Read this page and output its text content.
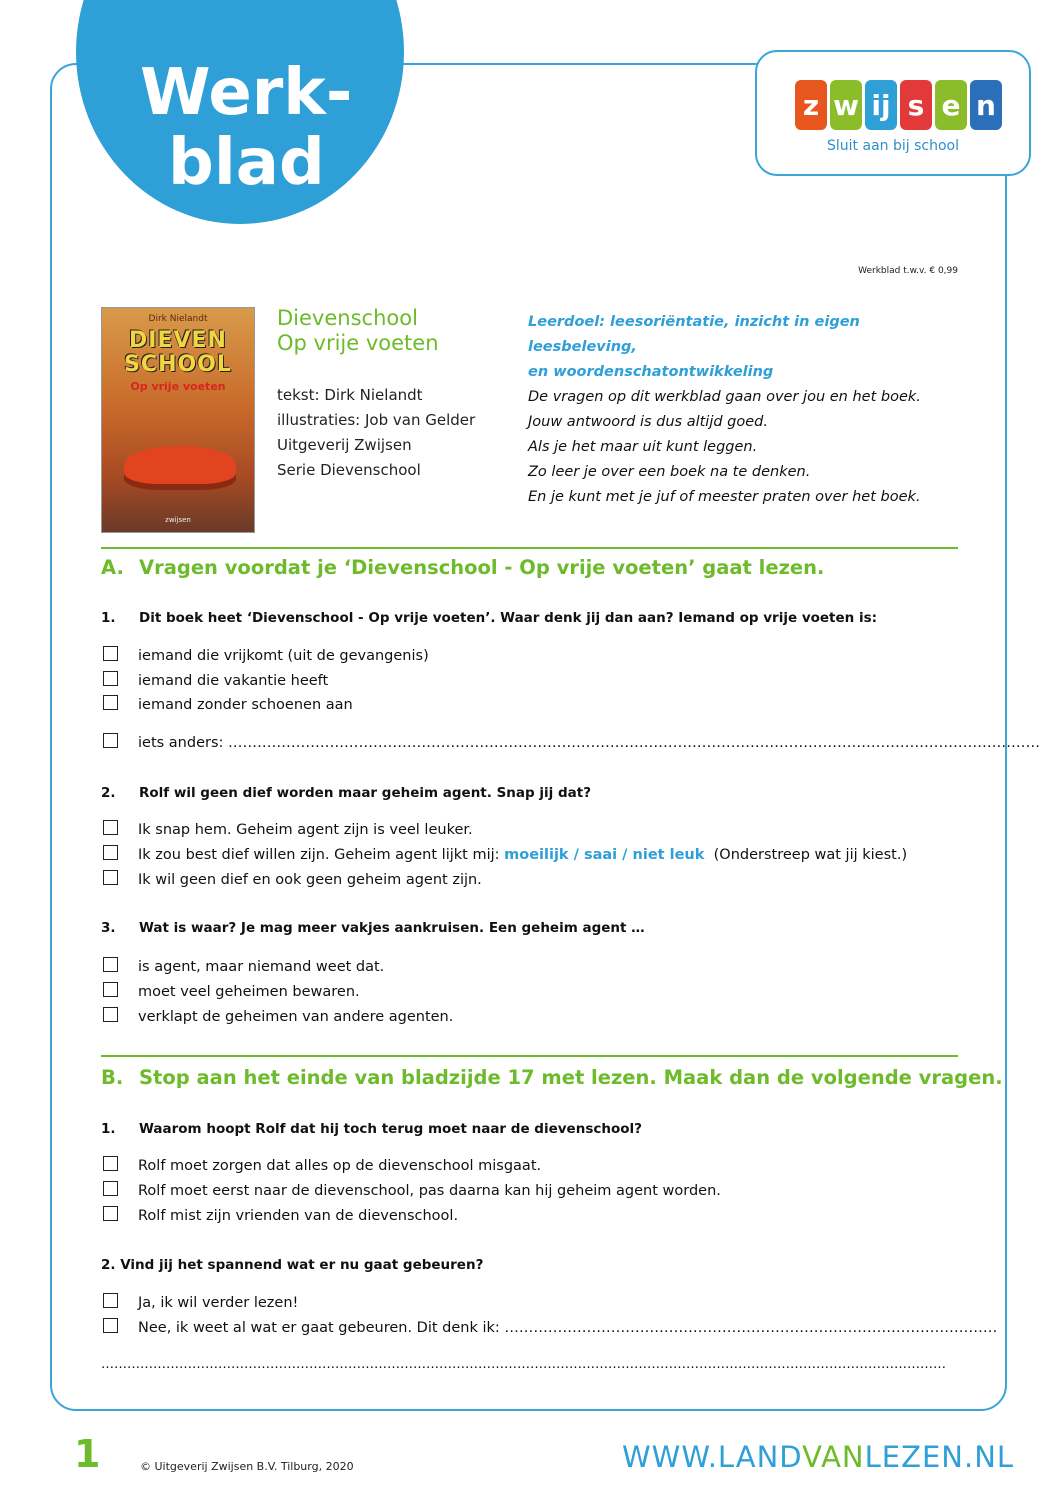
Werk-
blad
z w ij s e n
Sluit aan bij school
Werkblad t.w.v. € 0,99
Dirk Nielandt
DIEVEN
SCHOOL
Op vrije voeten
zwijsen
Dievenschool
Op vrije voeten
tekst: Dirk Nielandt
illustraties: Job van Gelder
Uitgeverij Zwijsen
Serie Dievenschool
Leerdoel: leesoriëntatie, inzicht in eigen leesbeleving,
en woordenschatontwikkeling
De vragen op dit werkblad gaan over jou en het boek.
Jouw antwoord is dus altijd goed.
Als je het maar uit kunt leggen.
Zo leer je over een boek na te denken.
En je kunt met je juf of meester praten over het boek.
A. Vragen voordat je ‘Dievenschool - Op vrije voeten’ gaat lezen.
1. Dit boek heet ‘Dievenschool - Op vrije voeten’. Waar denk jij dan aan? Iemand op vrije voeten is:
iemand die vrijkomt (uit de gevangenis)
iemand die vakantie heeft
iemand zonder schoenen aan
iets anders: ……………………………………………………………………………………………………………………………………………………
2. Rolf wil geen dief worden maar geheim agent. Snap jij dat?
Ik snap hem. Geheim agent zijn is veel leuker.
Ik zou best dief willen zijn. Geheim agent lijkt mij:
moeilijk / saai / niet leuk
(Onderstreep wat jij kiest.)
Ik wil geen dief en ook geen geheim agent zijn.
3. Wat is waar? Je mag meer vakjes aankruisen. Een geheim agent …
is agent, maar niemand weet dat.
moet veel geheimen bewaren.
verklapt de geheimen van andere agenten.
B. Stop aan het einde van bladzijde 17 met lezen. Maak dan de volgende vragen.
1. Waarom hoopt Rolf dat hij toch terug moet naar de dievenschool?
Rolf moet zorgen dat alles op de dievenschool misgaat.
Rolf moet eerst naar de dievenschool, pas daarna kan hij geheim agent worden.
Rolf mist zijn vrienden van de dievenschool.
2. Vind jij het spannend wat er nu gaat gebeuren?
Ja, ik wil verder lezen!
Nee, ik weet al wat er gaat gebeuren. Dit denk ik: …………………………………………………………………………………………
……………………………………………………………………………………………………………………………………………………………………………
1	© Uitgeverij Zwijsen B.V. Tilburg, 2020	WWW.LANDVANLEZEN.NL
